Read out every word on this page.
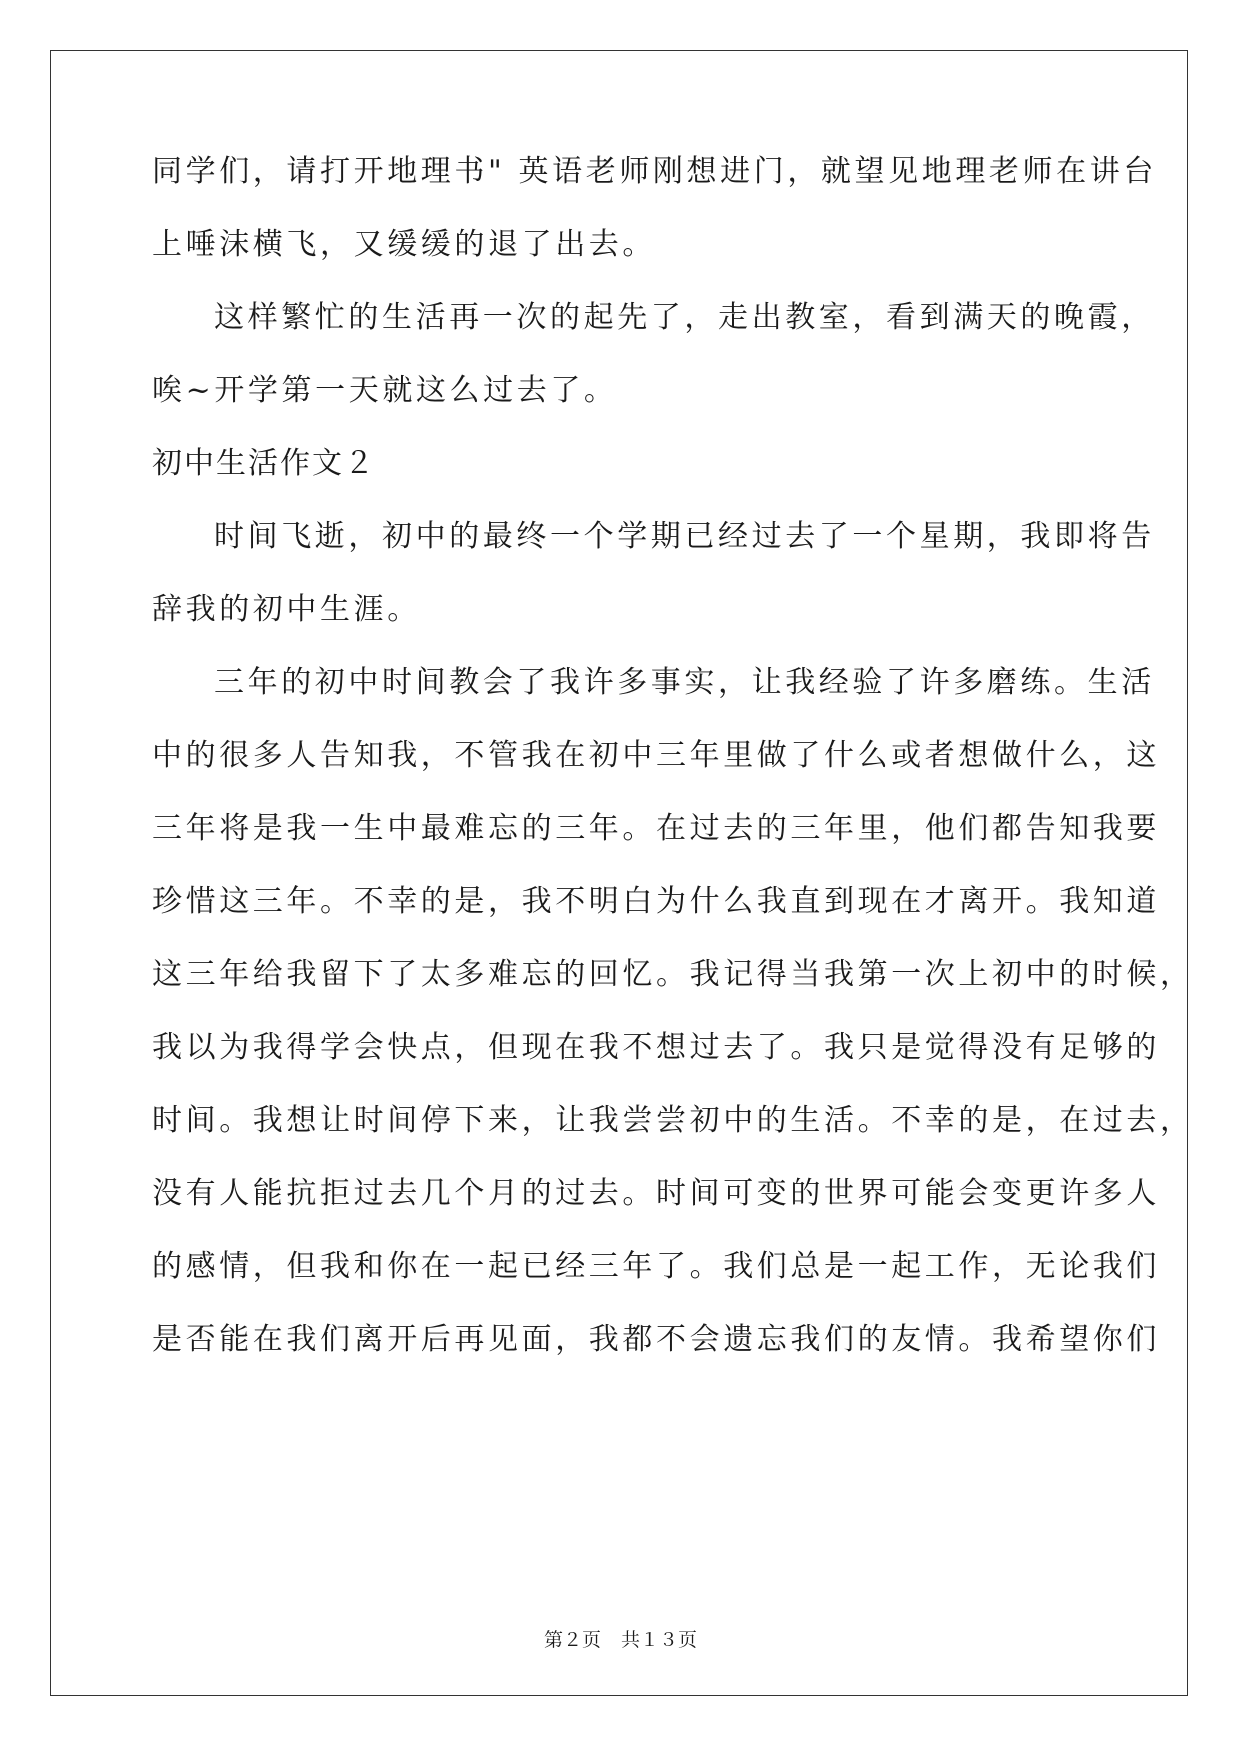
同学们，请打开地理书" 英语老师刚想进门，就望见地理老师在讲台
上唾沫横飞，又缓缓的退了出去。
这样繁忙的生活再一次的起先了，走出教室，看到满天的晚霞，
唉~开学第一天就这么过去了。
初中生活作文２
时间飞逝，初中的最终一个学期已经过去了一个星期，我即将告
辞我的初中生涯。
三年的初中时间教会了我许多事实，让我经验了许多磨练。生活
中的很多人告知我，不管我在初中三年里做了什么或者想做什么，这
三年将是我一生中最难忘的三年。在过去的三年里，他们都告知我要
珍惜这三年。不幸的是，我不明白为什么我直到现在才离开。我知道
这三年给我留下了太多难忘的回忆。我记得当我第一次上初中的时候，
我以为我得学会快点，但现在我不想过去了。我只是觉得没有足够的
时间。我想让时间停下来，让我尝尝初中的生活。不幸的是，在过去，
没有人能抗拒过去几个月的过去。时间可变的世界可能会变更许多人
的感情，但我和你在一起已经三年了。我们总是一起工作，无论我们
是否能在我们离开后再见面，我都不会遗忘我们的友情。我希望你们
第２页 共１３页
